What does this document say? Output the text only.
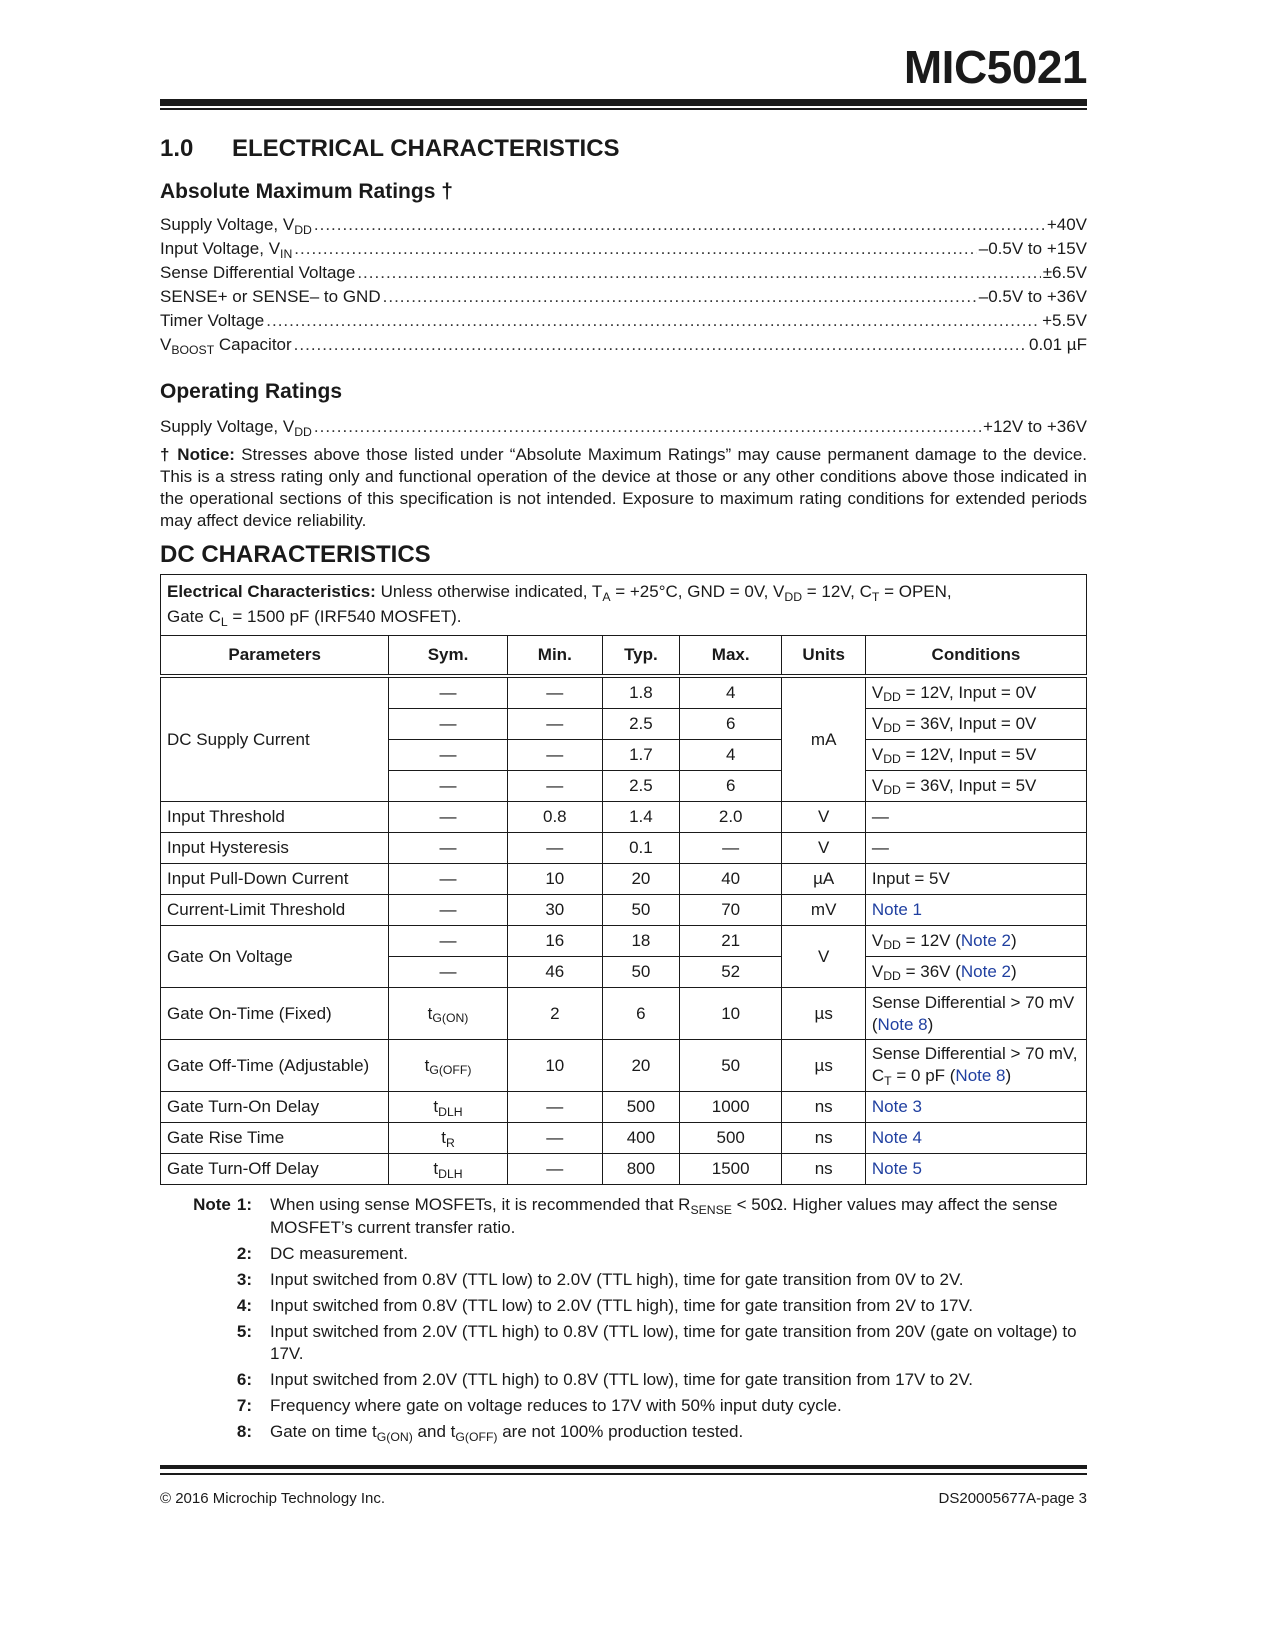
MIC5021
1.0 ELECTRICAL CHARACTERISTICS
Absolute Maximum Ratings †
Supply Voltage, $V_{DD}$ .....	+40V
Input Voltage, $V_{IN}$ .....	–0.5V to +15V
Sense Differential Voltage .....	±6.5V
SENSE+ or SENSE– to GND .....	–0.5V to +36V
Timer Voltage .....	+5.5V
$V_{BOOST}$ Capacitor .....	0.01 µF
Operating Ratings
Supply Voltage, $V_{DD}$ .....	+12V to +36V
† Notice: Stresses above those listed under “Absolute Maximum Ratings” may cause permanent damage to the device. This is a stress rating only and functional operation of the device at those or any other conditions above those indicated in the operational sections of this specification is not intended. Exposure to maximum rating conditions for extended periods may affect device reliability.
DC CHARACTERISTICS
Electrical Characteristics: Unless otherwise indicated, $T_A = +25^\circ C$, GND = 0V, $V_{DD} = 12V$, $C_T$ = OPEN,
Gate $C_L = 1500$ pF (IRF540 MOSFET).						

Parameters	Sym.	Min.	Typ.	Max.	Units	Conditions
DC Supply Current	—	—	1.8	4	mA	$V_{DD} = 12V$, Input = 0V
	—	—	2.5	6		$V_{DD} = 36V$, Input = 0V
	—	—	1.7	4		$V_{DD} = 12V$, Input = 5V
	—	—	2.5	6		$V_{DD} = 36V$, Input = 5V
Input Threshold	—	0.8	1.4	2.0	V	—
Input Hysteresis	—	—	0.1	—	V	—
Input Pull-Down Current	—	10	20	40	µA	Input = 5V
Current-Limit Threshold	—	30	50	70	mV	Note 1
Gate On Voltage	—	16	18	21	V	$V_{DD} = 12V$ (Note 2)
	—	46	50	52		$V_{DD} = 36V$ (Note 2)
Gate On-Time (Fixed)	$t_{G(ON)}$	2	6	10	µs	Sense Differential > 70 mV (Note 8)
Gate Off-Time (Adjustable)	$t_{G(OFF)}$	10	20	50	µs	Sense Differential > 70 mV, $C_T = 0$ pF (Note 8)
Gate Turn-On Delay	$t_{DLH}$	—	500	1000	ns	Note 3
Gate Rise Time	$t_R$	—	400	500	ns	Note 4
Gate Turn-Off Delay	$t_{DLH}$	—	800	1500	ns	Note 5
Note 1:	When using sense MOSFETs, it is recommended that $R_{SENSE} < 50\Omega$. Higher values may affect the sense MOSFET’s current transfer ratio.
2:	DC measurement.
3:	Input switched from 0.8V (TTL low) to 2.0V (TTL high), time for gate transition from 0V to 2V.
4:	Input switched from 0.8V (TTL low) to 2.0V (TTL high), time for gate transition from 2V to 17V.
5:	Input switched from 2.0V (TTL high) to 0.8V (TTL low), time for gate transition from 20V (gate on voltage) to 17V.
6:	Input switched from 2.0V (TTL high) to 0.8V (TTL low), time for gate transition from 17V to 2V.
7:	Frequency where gate on voltage reduces to 17V with 50% input duty cycle.
8:	Gate on time $t_{G(ON)}$ and $t_{G(OFF)}$ are not 100% production tested.
© 2016 Microchip Technology Inc.	DS20005677A-page 3
